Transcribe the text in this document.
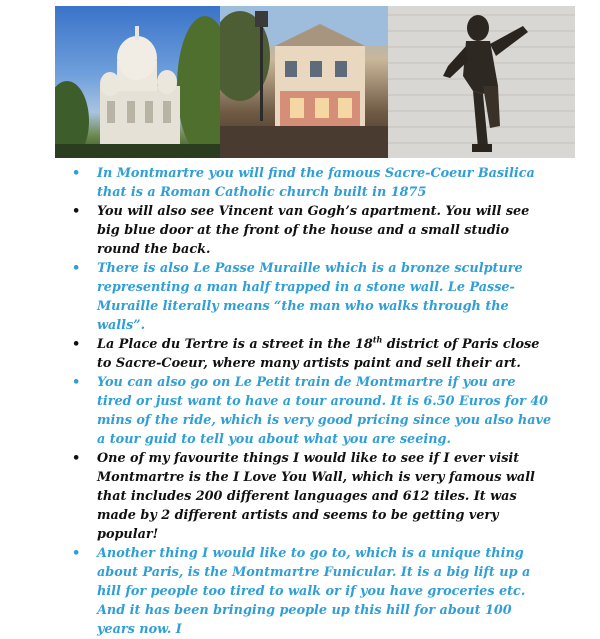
• In Montmartre you will find the famous Sacre-Coeur Basilica that is a Roman Catholic church built in 1875
• You will also see Vincent van Gogh’s apartment. You will see big blue door at the front of the house and a small studio round the back.
• There is also Le Passe Muraille which is a bronze sculpture representing a man half trapped in a stone wall. Le Passe-Muraille literally means “the man who walks through the walls”.
• La Place du Tertre is a street in the 18th district of Paris close to Sacre-Coeur, where many artists paint and sell their art.
• You can also go on Le Petit train de Montmartre if you are tired or just want to have a tour around. It is 6.50 Euros for 40 mins of the ride, which is very good pricing since you also have a tour guid to tell you about what you are seeing.
• One of my favourite things I would like to see if I ever visit Montmartre is the I Love You Wall, which is very famous wall that includes 200 different languages and 612 tiles. It was made by 2 different artists and seems to be getting very popular!
• Another thing I would like to go to, which is a unique thing about Paris, is the Montmartre Funicular. It is a big lift up a hill for people too tired to walk or if you have groceries etc. And it has been bringing people up this hill for about 100 years now. I
